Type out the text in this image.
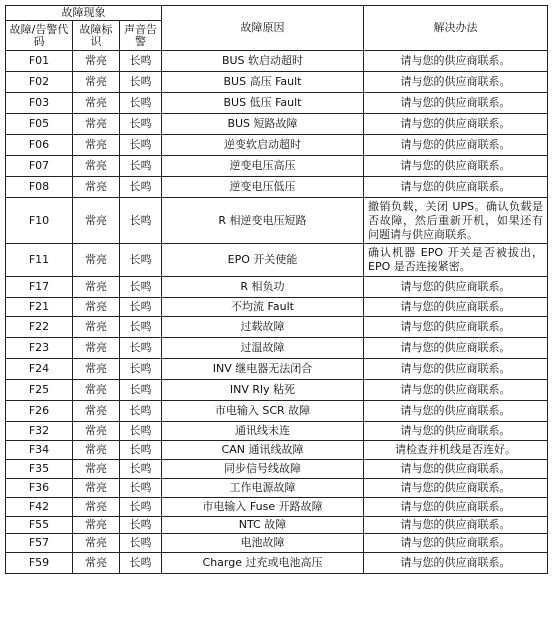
故障现象			故障原因	解决办法
故障/告警代码	故障标识	声音告警		
F01	常亮	长鸣	BUS 软启动超时	请与您的供应商联系。
F02	常亮	长鸣	BUS 高压 Fault	请与您的供应商联系。
F03	常亮	长鸣	BUS 低压 Fault	请与您的供应商联系。
F05	常亮	长鸣	BUS 短路故障	请与您的供应商联系。
F06	常亮	长鸣	逆变软启动超时	请与您的供应商联系。
F07	常亮	长鸣	逆变电压高压	请与您的供应商联系。
F08	常亮	长鸣	逆变电压低压	请与您的供应商联系。
F10	常亮	长鸣	R 相逆变电压短路	撤销负载，关闭 UPS。确认负载是否故障，然后重新开机，如果还有问题请与供应商联系。
F11	常亮	长鸣	EPO 开关使能	确认机器 EPO 开关是否被拔出，EPO 是否连接紧密。
F17	常亮	长鸣	R 相负功	请与您的供应商联系。
F21	常亮	长鸣	不均流 Fault	请与您的供应商联系。
F22	常亮	长鸣	过载故障	请与您的供应商联系。
F23	常亮	长鸣	过温故障	请与您的供应商联系。
F24	常亮	长鸣	INV 继电器无法闭合	请与您的供应商联系。
F25	常亮	长鸣	INV Rly 粘死	请与您的供应商联系。
F26	常亮	长鸣	市电输入 SCR 故障	请与您的供应商联系。
F32	常亮	长鸣	通讯线未连	请与您的供应商联系。
F34	常亮	长鸣	CAN 通讯线故障	请检查并机线是否连好。
F35	常亮	长鸣	同步信号线故障	请与您的供应商联系。
F36	常亮	长鸣	工作电源故障	请与您的供应商联系。
F42	常亮	长鸣	市电输入 Fuse 开路故障	请与您的供应商联系。
F55	常亮	长鸣	NTC 故障	请与您的供应商联系。
F57	常亮	长鸣	电池故障	请与您的供应商联系。
F59	常亮	长鸣	Charge 过充或电池高压	请与您的供应商联系。
